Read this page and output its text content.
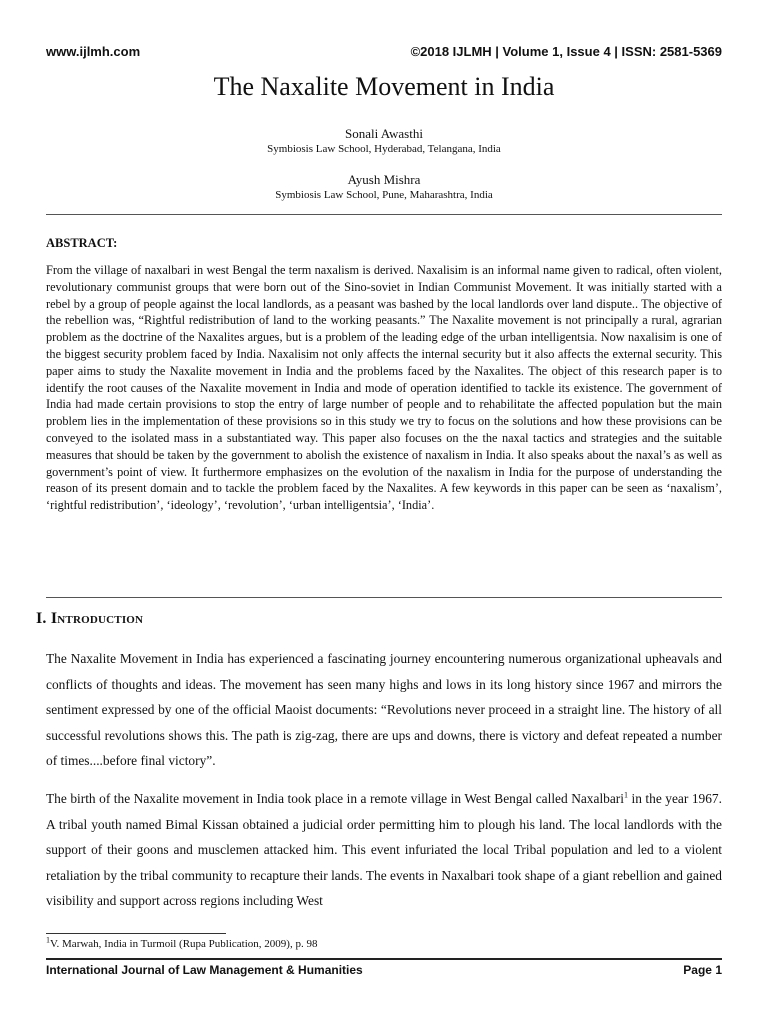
www.ijlmh.com	©2018 IJLMH | Volume 1, Issue 4 | ISSN: 2581-5369
The Naxalite Movement in India
Sonali Awasthi
Symbiosis Law School, Hyderabad, Telangana, India
Ayush Mishra
Symbiosis Law School, Pune, Maharashtra, India
ABSTRACT:

From the village of naxalbari in west Bengal the term naxalism is derived. Naxalisim is an informal name given to radical, often violent, revolutionary communist groups that were born out of the Sino-soviet in Indian Communist Movement. It was initially started with a rebel by a group of people against the local landlords, as a peasant was bashed by the local landlords over land dispute.. The objective of the rebellion was, “Rightful redistribution of land to the working peasants.” The Naxalite movement is not principally a rural, agrarian problem as the doctrine of the Naxalites argues, but is a problem of the leading edge of the urban intelligentsia. Now naxalisim is one of the biggest security problem faced by India. Naxalisim not only affects the internal security but it also affects the external security. This paper aims to study the Naxalite movement in India and the problems faced by the Naxalites. The object of this research paper is to identify the root causes of the Naxalite movement in India and mode of operation identified to tackle its existence. The government of India had made certain provisions to stop the entry of large number of people and to rehabilitate the affected population but the main problem lies in the implementation of these provisions so in this study we try to focus on the solutions and how these provisions can be conveyed to the isolated mass in a substantiated way. This paper also focuses on the the naxal tactics and strategies and the suitable measures that should be taken by the government to abolish the existence of naxalism in India. It also speaks about the naxal’s as well as government’s point of view. It furthermore emphasizes on the evolution of the naxalism in India for the purpose of understanding the reason of its present domain and to tackle the problem faced by the Naxalites. A few keywords in this paper can be seen as ‘naxalism’, ‘rightful redistribution’, ‘ideology’, ‘revolution’, ‘urban intelligentsia’, ‘India’.

I. Introduction

The Naxalite Movement in India has experienced a fascinating journey encountering numerous organizational upheavals and conflicts of thoughts and ideas. The movement has seen many highs and lows in its long history since 1967 and mirrors the sentiment expressed by one of the official Maoist documents: “Revolutions never proceed in a straight line. The history of all successful revolutions shows this. The path is zig-zag, there are ups and downs, there is victory and defeat repeated a number of times....before final victory”.

The birth of the Naxalite movement in India took place in a remote village in West Bengal called Naxalbari$^1$ in the year 1967. A tribal youth named Bimal Kissan obtained a judicial order permitting him to plough his land. The local landlords with the support of their goons and musclemen attacked him. This event infuriated the local Tribal population and led to a violent retaliation by the tribal community to recapture their lands. The events in Naxalbari took shape of a giant rebellion and gained visibility and support across regions including West

$^1$V. Marwah, India in Turmoil (Rupa Publication, 2009), p. 98
International Journal of Law Management & Humanities	Page 1
